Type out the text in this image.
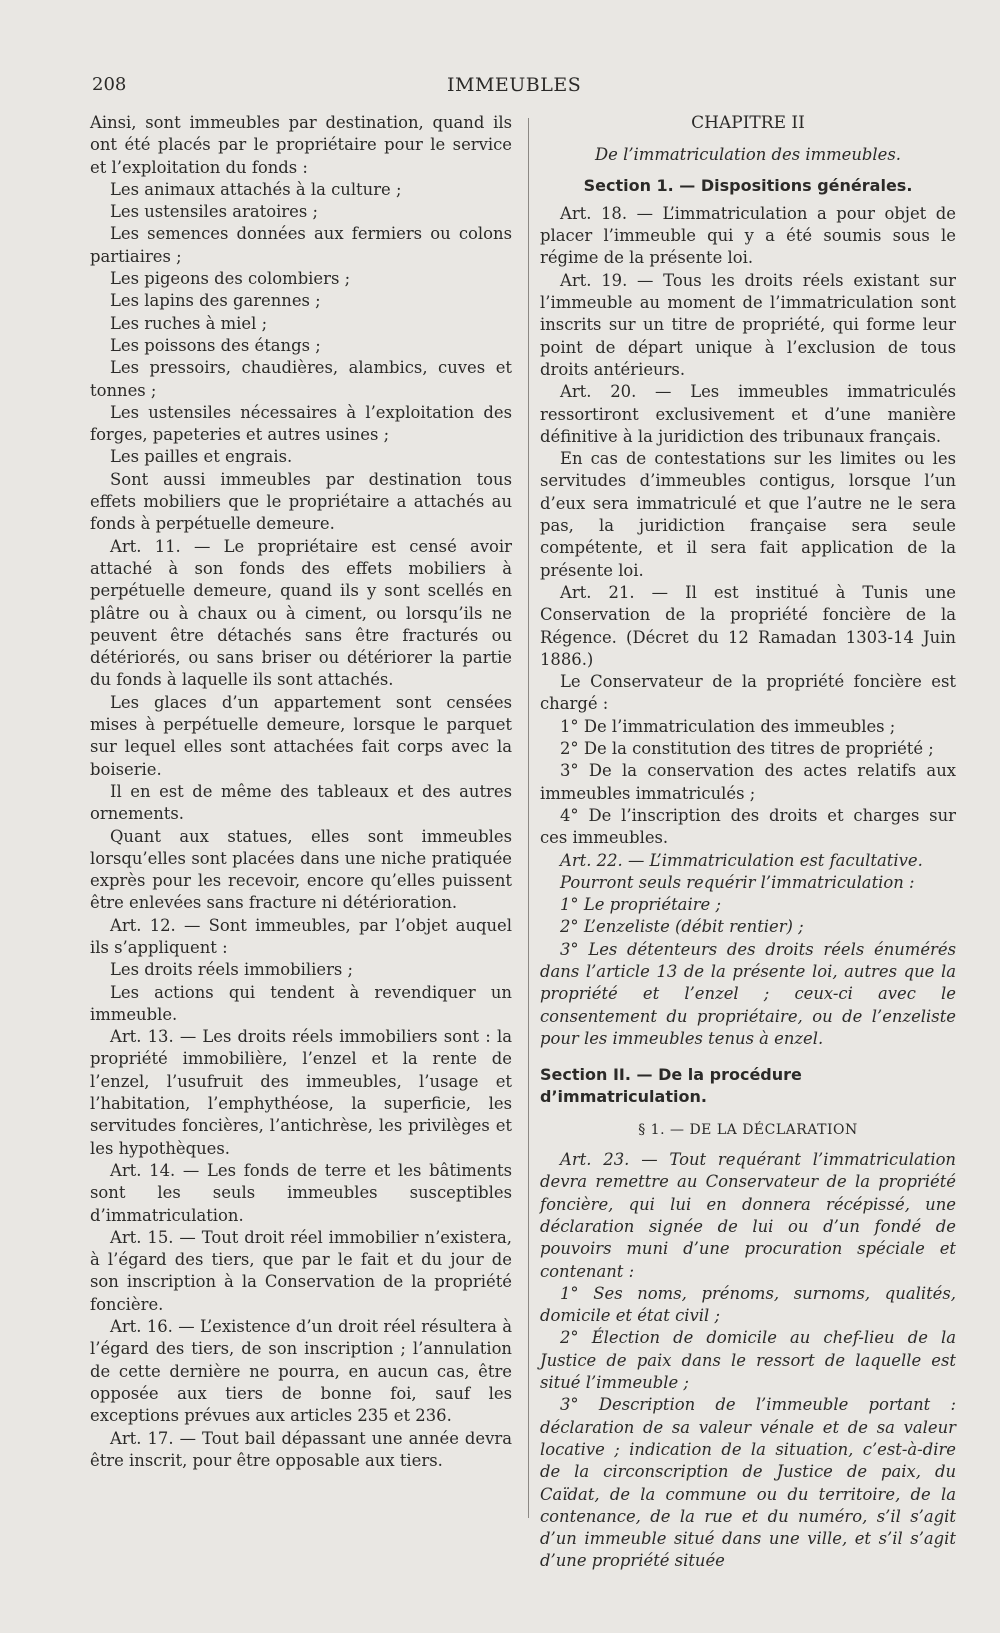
208	IMMEUBLES

Ainsi, sont immeubles par destination, quand ils ont été placés par le propriétaire pour le service et l’exploitation du fonds :

Les animaux attachés à la culture ;

Les ustensiles aratoires ;

Les semences données aux fermiers ou colons partiaires ;

Les pigeons des colombiers ;

Les lapins des garennes ;

Les ruches à miel ;

Les poissons des étangs ;

Les pressoirs, chaudières, alambics, cuves et tonnes ;

Les ustensiles nécessaires à l’exploitation des forges, papeteries et autres usines ;

Les pailles et engrais.

Sont aussi immeubles par destination tous effets mobiliers que le propriétaire a attachés au fonds à perpétuelle demeure.

Art. 11. — Le propriétaire est censé avoir attaché à son fonds des effets mobiliers à perpétuelle demeure, quand ils y sont scellés en plâtre ou à chaux ou à ciment, ou lorsqu’ils ne peuvent être détachés sans être fracturés ou détériorés, ou sans briser ou détériorer la partie du fonds à laquelle ils sont attachés.

Les glaces d’un appartement sont censées mises à perpétuelle demeure, lorsque le parquet sur lequel elles sont attachées fait corps avec la boiserie.

Il en est de même des tableaux et des autres ornements.

Quant aux statues, elles sont immeubles lorsqu’elles sont placées dans une niche pratiquée exprès pour les recevoir, encore qu’elles puissent être enlevées sans fracture ni détérioration.

Art. 12. — Sont immeubles, par l’objet auquel ils s’appliquent :

Les droits réels immobiliers ;

Les actions qui tendent à revendiquer un immeuble.

Art. 13. — Les droits réels immobiliers sont : la propriété immobilière, l’enzel et la rente de l’enzel, l’usufruit des immeubles, l’usage et l’habitation, l’emphythéose, la superficie, les servitudes foncières, l’antichrèse, les privilèges et les hypothèques.

Art. 14. — Les fonds de terre et les bâtiments sont les seuls immeubles susceptibles d’immatriculation.

Art. 15. — Tout droit réel immobilier n’existera, à l’égard des tiers, que par le fait et du jour de son inscription à la Conservation de la propriété foncière.

Art. 16. — L’existence d’un droit réel résultera à l’égard des tiers, de son inscription ; l’annulation de cette dernière ne pourra, en aucun cas, être opposée aux tiers de bonne foi, sauf les exceptions prévues aux articles 235 et 236.

Art. 17. — Tout bail dépassant une année devra être inscrit, pour être opposable aux tiers.

CHAPITRE II

De l’immatriculation des immeubles.

Section 1. — Dispositions générales.

Art. 18. — L’immatriculation a pour objet de placer l’immeuble qui y a été soumis sous le régime de la présente loi.

Art. 19. — Tous les droits réels existant sur l’immeuble au moment de l’immatriculation sont inscrits sur un titre de propriété, qui forme leur point de départ unique à l’exclusion de tous droits antérieurs.

Art. 20. — Les immeubles immatriculés ressortiront exclusivement et d’une manière définitive à la juridiction des tribunaux français.

En cas de contestations sur les limites ou les servitudes d’immeubles contigus, lorsque l’un d’eux sera immatriculé et que l’autre ne le sera pas, la juridiction française sera seule compétente, et il sera fait application de la présente loi.

Art. 21. — Il est institué à Tunis une Conservation de la propriété foncière de la Régence. (Décret du 12 Ramadan 1303-14 Juin 1886.)

Le Conservateur de la propriété foncière est chargé :

1° De l’immatriculation des immeubles ;

2° De la constitution des titres de propriété ;

3° De la conservation des actes relatifs aux immeubles immatriculés ;

4° De l’inscription des droits et charges sur ces immeubles.

Art. 22. — L’immatriculation est facultative.

Pourront seuls requérir l’immatriculation :

1° Le propriétaire ;

2° L’enzeliste (débit rentier) ;

3° Les détenteurs des droits réels énumérés dans l’article 13 de la présente loi, autres que la propriété et l’enzel ; ceux-ci avec le consentement du propriétaire, ou de l’enzeliste pour les immeubles tenus à enzel.

Section II. — De la procédure d’immatriculation.

§ 1. — DE LA DÉCLARATION

Art. 23. — Tout requérant l’immatriculation devra remettre au Conservateur de la propriété foncière, qui lui en donnera récépissé, une déclaration signée de lui ou d’un fondé de pouvoirs muni d’une procuration spéciale et contenant :

1° Ses noms, prénoms, surnoms, qualités, domicile et état civil ;

2° Élection de domicile au chef-lieu de la Justice de paix dans le ressort de laquelle est situé l’immeuble ;

3° Description de l’immeuble portant : déclaration de sa valeur vénale et de sa valeur locative ; indication de la situation, c’est-à-dire de la circonscription de Justice de paix, du Caïdat, de la commune ou du territoire, de la contenance, de la rue et du numéro, s’il s’agit d’un immeuble situé dans une ville, et s’il s’agit d’une propriété située
